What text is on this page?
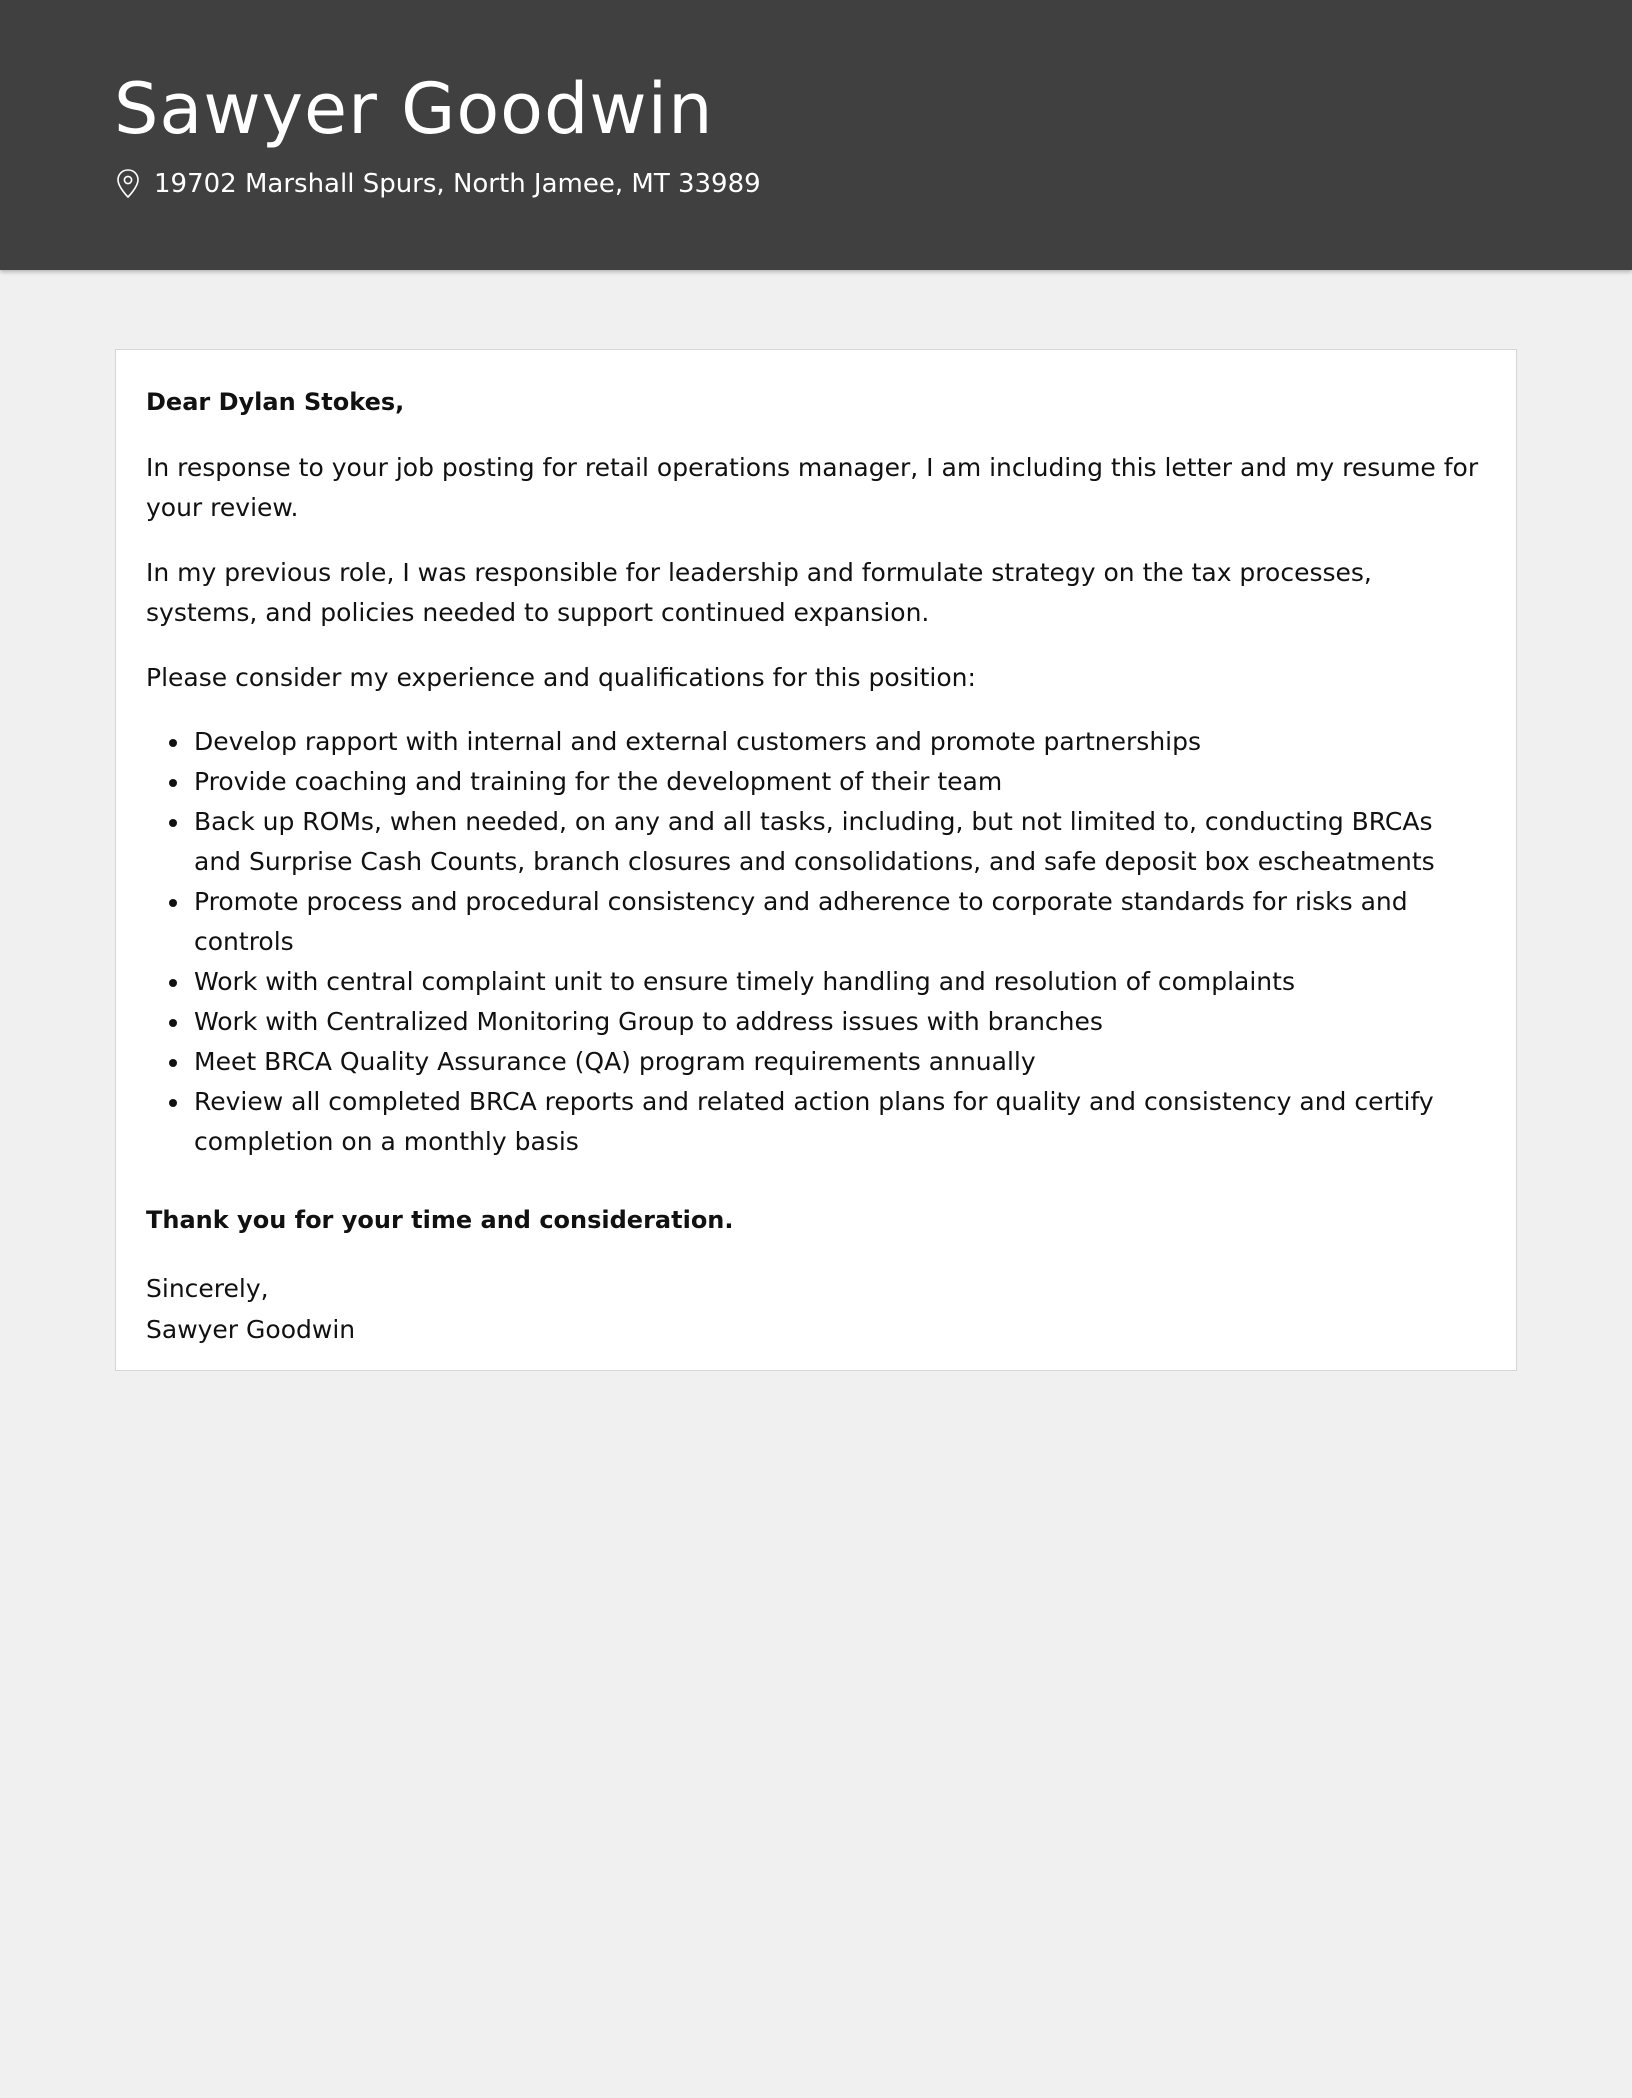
Sawyer Goodwin
19702 Marshall Spurs, North Jamee, MT 33989
Dear Dylan Stokes,

In response to your job posting for retail operations manager, I am including this letter and my resume for your review.

In my previous role, I was responsible for leadership and formulate strategy on the tax processes, systems, and policies needed to support continued expansion.

Please consider my experience and qualifications for this position:

Develop rapport with internal and external customers and promote partnerships
Provide coaching and training for the development of their team
Back up ROMs, when needed, on any and all tasks, including, but not limited to, conducting BRCAs and Surprise Cash Counts, branch closures and consolidations, and safe deposit box escheatments
Promote process and procedural consistency and adherence to corporate standards for risks and controls
Work with central complaint unit to ensure timely handling and resolution of complaints
Work with Centralized Monitoring Group to address issues with branches
Meet BRCA Quality Assurance (QA) program requirements annually
Review all completed BRCA reports and related action plans for quality and consistency and certify completion on a monthly basis
Thank you for your time and consideration.
Sincerely,
Sawyer Goodwin
